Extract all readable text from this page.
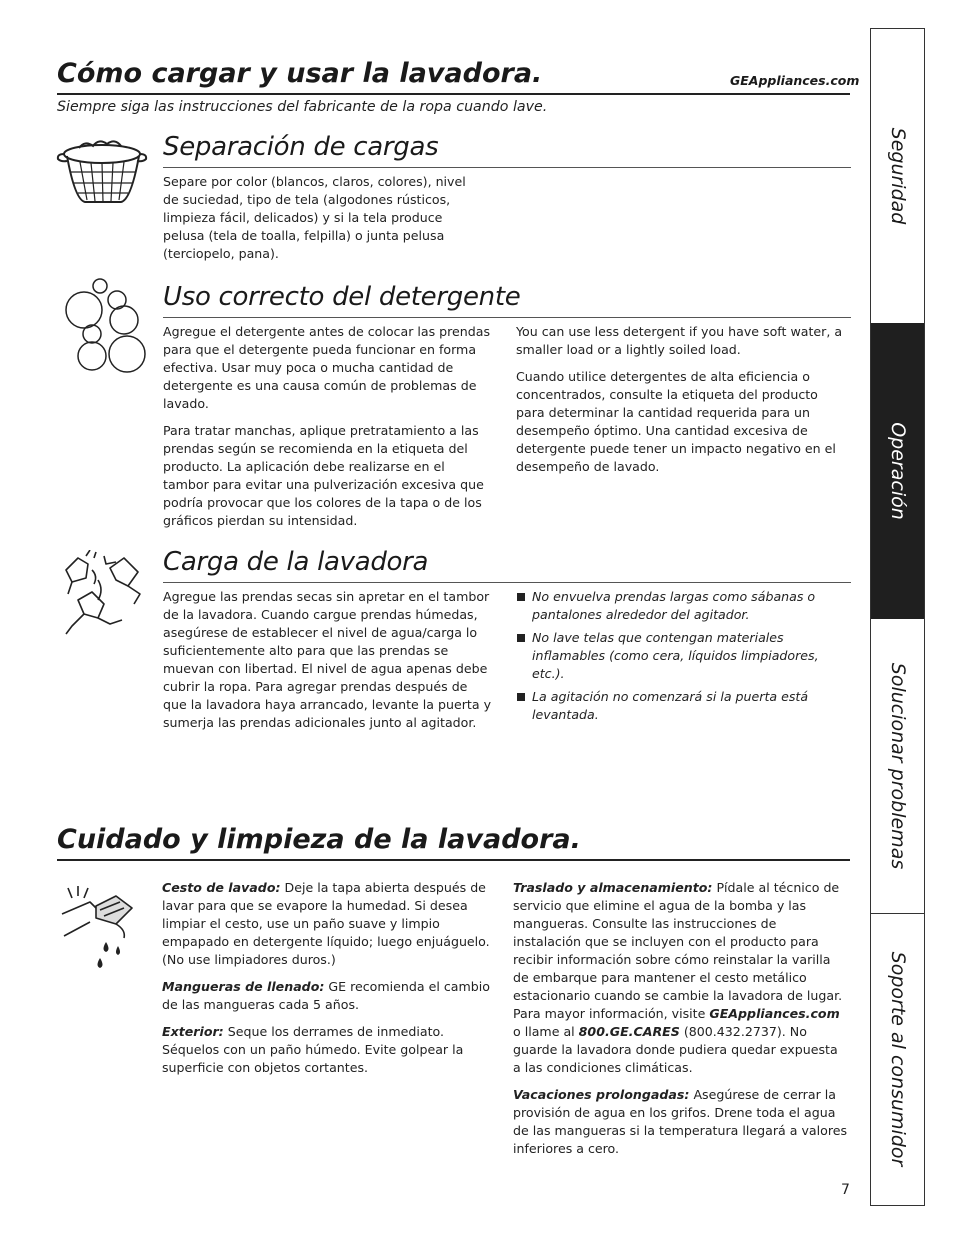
Cómo cargar y usar la lavadora.	GEAppliances.com
Siempre siga las instrucciones del fabricante de la ropa cuando lave.
Separación de cargas
Separe por color (blancos, claros, colores), nivel de suciedad, tipo de tela (algodones rústicos, limpieza fácil, delicados) y si la tela produce pelusa (tela de toalla, felpilla) o junta pelusa (terciopelo, pana).
Uso correcto del detergente

Agregue el detergente antes de colocar las prendas para que el detergente pueda funcionar en forma efectiva. Usar muy poca o mucha cantidad de detergente es una causa común de problemas de lavado.

Para tratar manchas, aplique pretratamiento a las prendas según se recomienda en la etiqueta del producto. La aplicación debe realizarse en el tambor para evitar una pulverización excesiva que podría provocar que los colores de la tapa o de los gráficos pierdan su intensidad.

You can use less detergent if you have soft water, a smaller load or a lightly soiled load.

Cuando utilice detergentes de alta eficiencia o concentrados, consulte la etiqueta del producto para determinar la cantidad requerida para un desempeño óptimo. Una cantidad excesiva de detergente puede tener un impacto negativo en el desempeño de lavado.

Carga de la lavadora
Agregue las prendas secas sin apretar en el tambor de la lavadora. Cuando cargue prendas húmedas, asegúrese de establecer el nivel de agua/carga lo suficientemente alto para que las prendas se muevan con libertad. El nivel de agua apenas debe cubrir la ropa. Para agregar prendas después de que la lavadora haya arrancado, levante la puerta y sumerja las prendas adicionales junto al agitador.
No envuelva prendas largas como sábanas o pantalones alrededor del agitador.
No lave telas que contengan materiales inflamables (como cera, líquidos limpiadores, etc.).
La agitación no comenzará si la puerta está levantada.
Cuidado y limpieza de la lavadora.

Cesto de lavado: Deje la tapa abierta después de lavar para que se evapore la humedad. Si desea limpiar el cesto, use un paño suave y limpio empapado en detergente líquido; luego enjuáguelo. (No use limpiadores duros.)

Mangueras de llenado: GE recomienda el cambio de las mangueras cada 5 años.

Exterior: Seque los derrames de inmediato. Séquelos con un paño húmedo. Evite golpear la superficie con objetos cortantes.

Traslado y almacenamiento: Pídale al técnico de servicio que elimine el agua de la bomba y las mangueras. Consulte las instrucciones de instalación que se incluyen con el producto para recibir información sobre cómo reinstalar la varilla de embarque para mantener el cesto metálico estacionario cuando se cambie la lavadora de lugar. Para mayor información, visite GEAppliances.com o llame al 800.GE.CARES (800.432.2737). No guarde la lavadora donde pudiera quedar expuesta a las condiciones climáticas.

Vacaciones prolongadas: Asegúrese de cerrar la provisión de agua en los grifos. Drene toda el agua de las mangueras si la temperatura llegará a valores inferiores a cero.

7
Seguridad
Operación
Solucionar problemas
Soporte al consumidor
